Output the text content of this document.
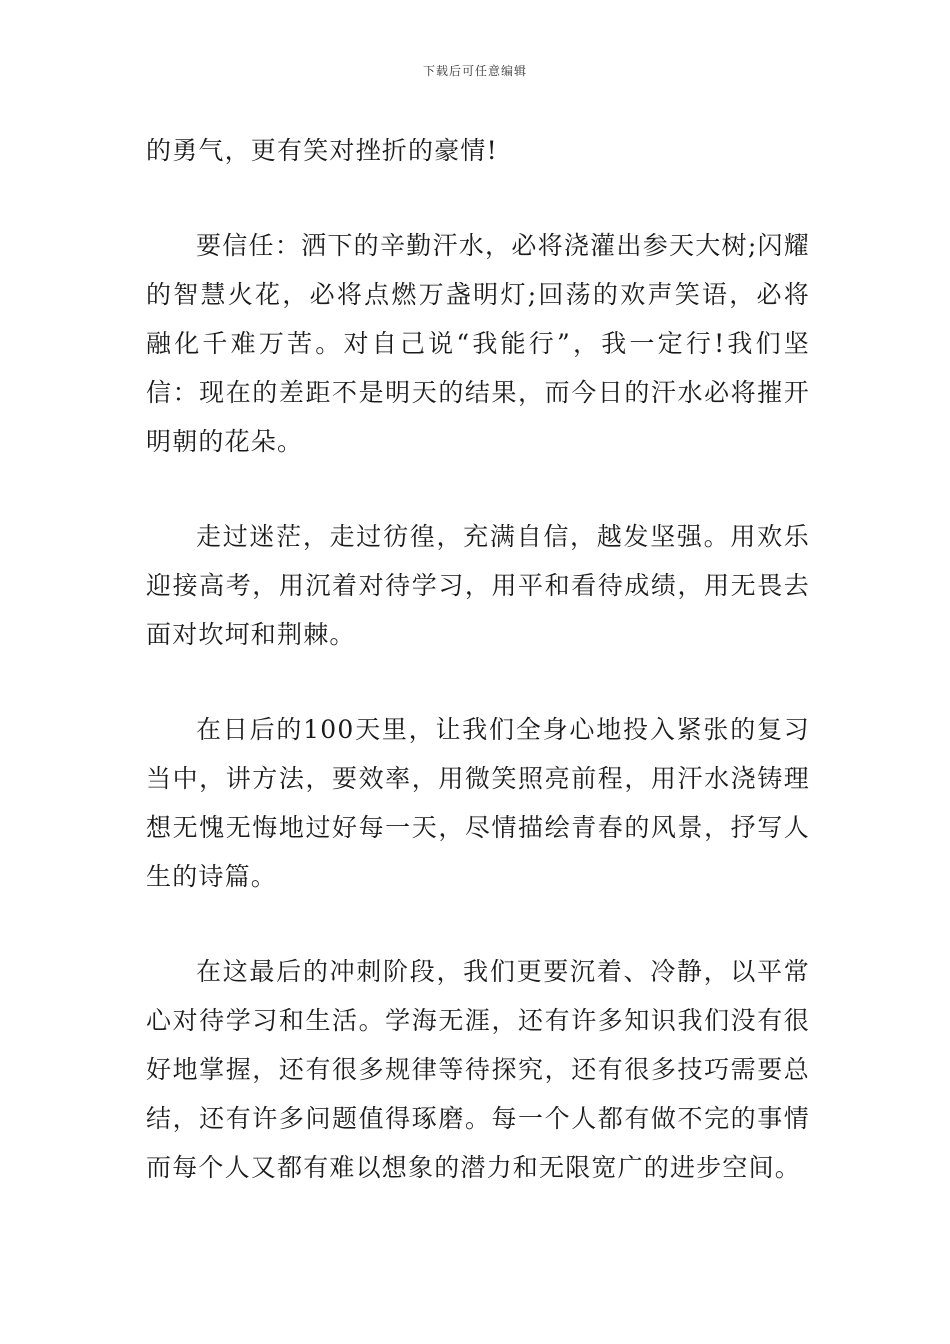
下载后可任意编辑

的勇气，更有笑对挫折的豪情!

要信任：洒下的辛勤汗水，必将浇灌出参天大树;闪耀的智慧火花，必将点燃万盏明灯;回荡的欢声笑语，必将融化千难万苦。对自己说“我能行”，我一定行!我们坚信：现在的差距不是明天的结果，而今日的汗水必将摧开明朝的花朵。

走过迷茫，走过彷徨，充满自信，越发坚强。用欢乐迎接高考，用沉着对待学习，用平和看待成绩，用无畏去面对坎坷和荆棘。

在日后的100天里，让我们全身心地投入紧张的复习当中，讲方法，要效率，用微笑照亮前程，用汗水浇铸理想无愧无悔地过好每一天，尽情描绘青春的风景，抒写人生的诗篇。

在这最后的冲刺阶段，我们更要沉着、冷静，以平常心对待学习和生活。学海无涯，还有许多知识我们没有很好地掌握，还有很多规律等待探究，还有很多技巧需要总结，还有许多问题值得琢磨。每一个人都有做不完的事情而每个人又都有难以想象的潜力和无限宽广的进步空间。
